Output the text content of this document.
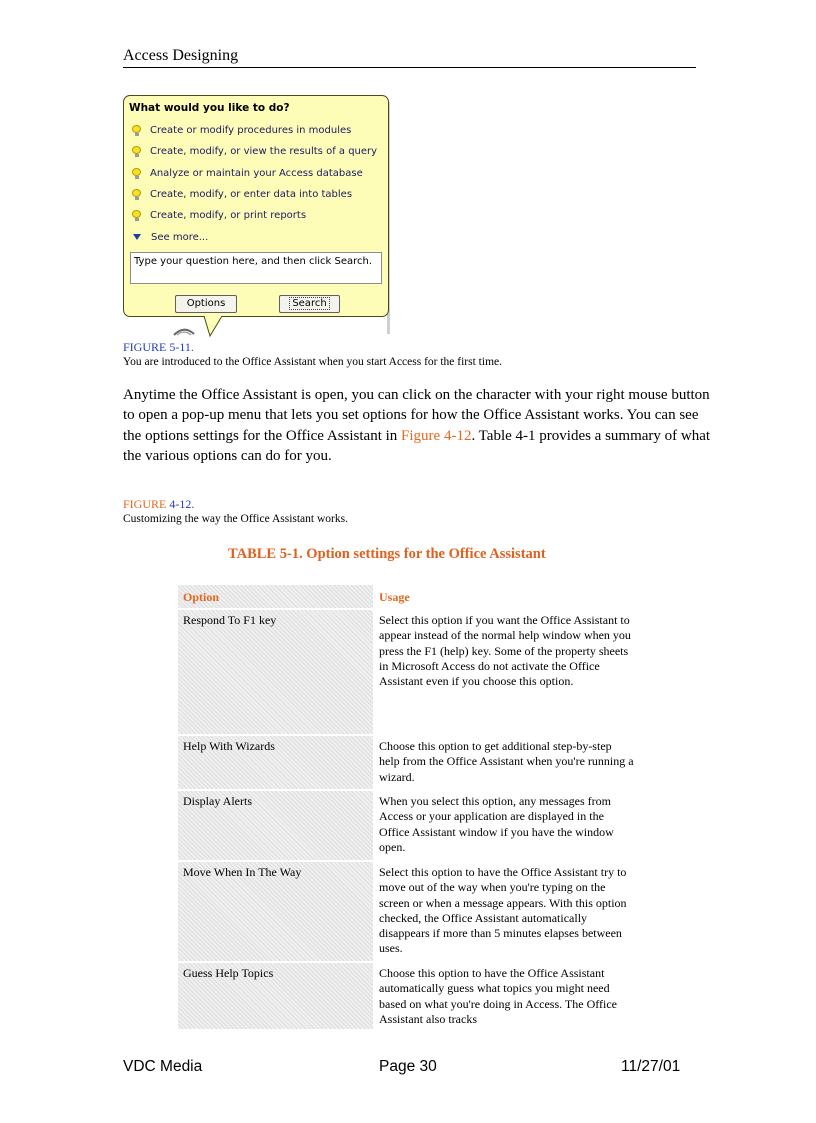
Access Designing
What would you like to do?
Create or modify procedures in modules
Create, modify, or view the results of a query
Analyze or maintain your Access database
Create, modify, or enter data into tables
Create, modify, or print reports
See more...
Type your question here, and then click Search.
Options	Search
FIGURE 5-11.
You are introduced to the Office Assistant when you start Access for the first time.
Anytime the Office Assistant is open, you can click on the character with your right mouse button to open a pop-up menu that lets you set options for how the Office Assistant works. You can see the options settings for the Office Assistant in Figure 4-12. Table 4-1 provides a summary of what the various options can do for you.
FIGURE 4-12.
Customizing the way the Office Assistant works.
TABLE 5-1. Option settings for the Office Assistant
Option	Usage
Respond To F1 key	Select this option if you want the Office Assistant to appear instead of the normal help window when you press the F1 (help) key. Some of the property sheets in Microsoft Access do not activate the Office Assistant even if you choose this option.
Help With Wizards	Choose this option to get additional step-by-step help from the Office Assistant when you're running a wizard.
Display Alerts	When you select this option, any messages from Access or your application are displayed in the Office Assistant window if you have the window open.
Move When In The Way	Select this option to have the Office Assistant try to move out of the way when you're typing on the screen or when a message appears. With this option checked, the Office Assistant automatically disappears if more than 5 minutes elapses between uses.
Guess Help Topics	Choose this option to have the Office Assistant automatically guess what topics you might need based on what you're doing in Access. The Office Assistant also tracks
VDC Media	Page 30	11/27/01
